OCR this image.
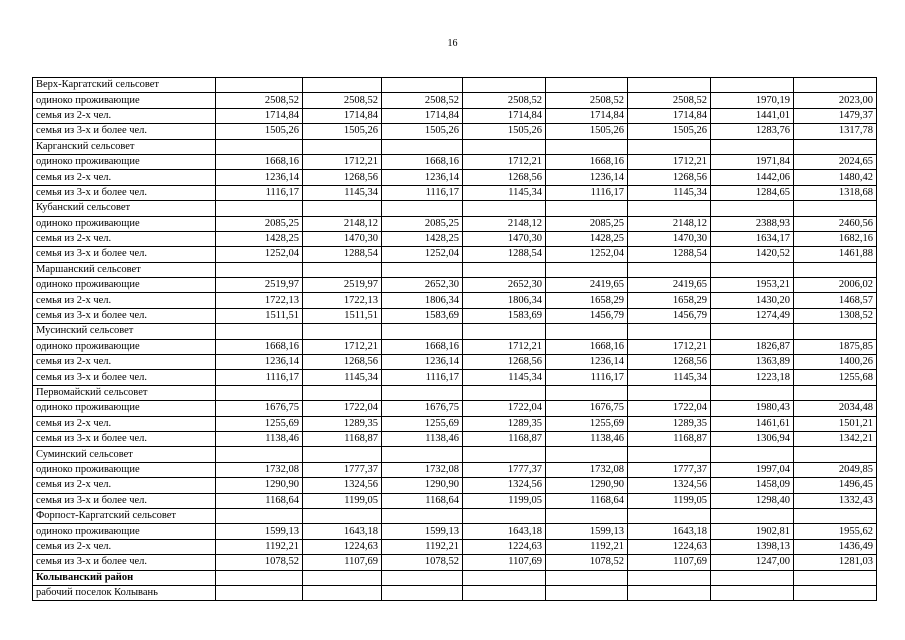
16
Верх-Каргатский сельсовет								
одиноко проживающие	2508,52	2508,52	2508,52	2508,52	2508,52	2508,52	1970,19	2023,00
семья из 2-х чел.	1714,84	1714,84	1714,84	1714,84	1714,84	1714,84	1441,01	1479,37
семья из 3-х и более чел.	1505,26	1505,26	1505,26	1505,26	1505,26	1505,26	1283,76	1317,78
Карганский сельсовет								
одиноко проживающие	1668,16	1712,21	1668,16	1712,21	1668,16	1712,21	1971,84	2024,65
семья из 2-х чел.	1236,14	1268,56	1236,14	1268,56	1236,14	1268,56	1442,06	1480,42
семья из 3-х и более чел.	1116,17	1145,34	1116,17	1145,34	1116,17	1145,34	1284,65	1318,68
Кубанский сельсовет								
одиноко проживающие	2085,25	2148,12	2085,25	2148,12	2085,25	2148,12	2388,93	2460,56
семья из 2-х чел.	1428,25	1470,30	1428,25	1470,30	1428,25	1470,30	1634,17	1682,16
семья из 3-х и более чел.	1252,04	1288,54	1252,04	1288,54	1252,04	1288,54	1420,52	1461,88
Маршанский сельсовет								
одиноко проживающие	2519,97	2519,97	2652,30	2652,30	2419,65	2419,65	1953,21	2006,02
семья из 2-х чел.	1722,13	1722,13	1806,34	1806,34	1658,29	1658,29	1430,20	1468,57
семья из 3-х и более чел.	1511,51	1511,51	1583,69	1583,69	1456,79	1456,79	1274,49	1308,52
Мусинский сельсовет								
одиноко проживающие	1668,16	1712,21	1668,16	1712,21	1668,16	1712,21	1826,87	1875,85
семья из 2-х чел.	1236,14	1268,56	1236,14	1268,56	1236,14	1268,56	1363,89	1400,26
семья из 3-х и более чел.	1116,17	1145,34	1116,17	1145,34	1116,17	1145,34	1223,18	1255,68
Первомайский сельсовет								
одиноко проживающие	1676,75	1722,04	1676,75	1722,04	1676,75	1722,04	1980,43	2034,48
семья из 2-х чел.	1255,69	1289,35	1255,69	1289,35	1255,69	1289,35	1461,61	1501,21
семья из 3-х и более чел.	1138,46	1168,87	1138,46	1168,87	1138,46	1168,87	1306,94	1342,21
Суминский сельсовет								
одиноко проживающие	1732,08	1777,37	1732,08	1777,37	1732,08	1777,37	1997,04	2049,85
семья из 2-х чел.	1290,90	1324,56	1290,90	1324,56	1290,90	1324,56	1458,09	1496,45
семья из 3-х и более чел.	1168,64	1199,05	1168,64	1199,05	1168,64	1199,05	1298,40	1332,43
Форпост-Каргатский сельсовет								
одиноко проживающие	1599,13	1643,18	1599,13	1643,18	1599,13	1643,18	1902,81	1955,62
семья из 2-х чел.	1192,21	1224,63	1192,21	1224,63	1192,21	1224,63	1398,13	1436,49
семья из 3-х и более чел.	1078,52	1107,69	1078,52	1107,69	1078,52	1107,69	1247,00	1281,03
Колыванский район								
рабочий поселок Колывань								
